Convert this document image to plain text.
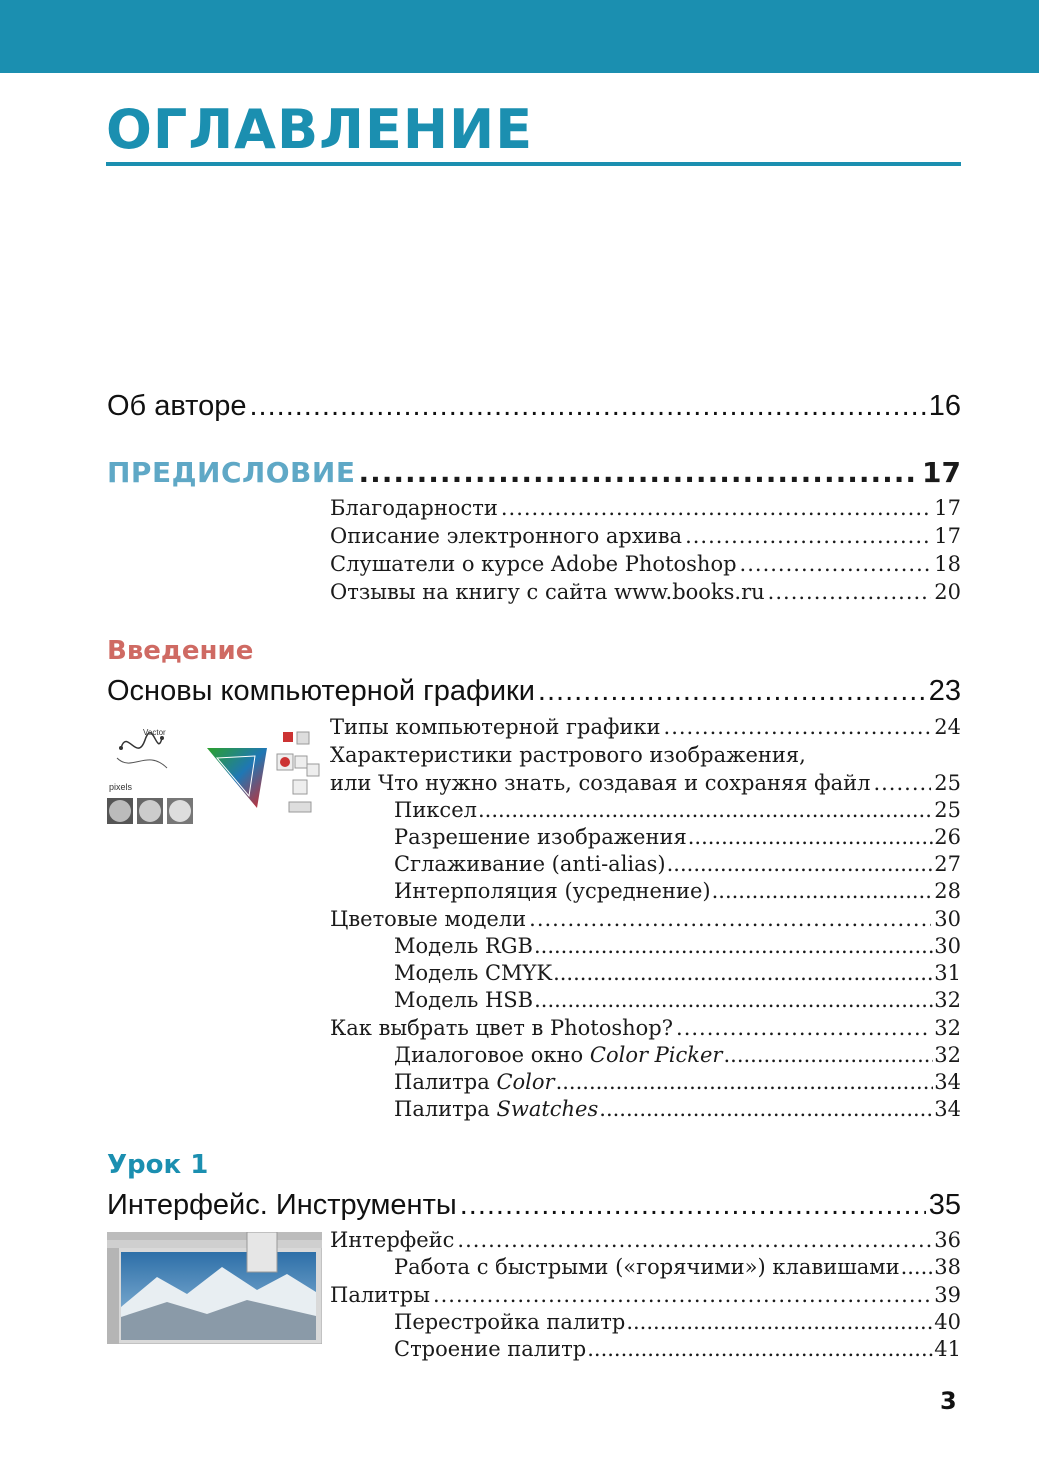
ОГЛАВЛЕНИЕ
Об авторе .....	16
ПРЕДИСЛОВИЕ .....	17
Благодарности .....	17
Описание электронного архива .....	17
Слушатели о курсе Adobe Photoshop .....	18
Отзывы на книгу с сайта www.books.ru .....	20
Введение
Основы компьютерной графики .....	23
Vector
pixels
Типы компьютерной графики .....	24
Характеристики растрового изображения,
или Что нужно знать, создавая и сохраняя файл .....	25
Пиксел .....	25
Разрешение изображения .....	26
Сглаживание (anti-alias) .....	27
Интерполяция (усреднение) .....	28
Цветовые модели .....	30
Модель RGB .....	30
Модель CMYK .....	31
Модель HSB .....	32
Как выбрать цвет в Photoshop? .....	32
Диалоговое окно Color Picker .....	32
Палитра Color .....	34
Палитра Swatches .....	34
Урок 1
Интерфейс. Инструменты .....	35
Интерфейс .....	36
Работа с быстрыми («горячими») клавишами ..... 38
Палитры .....	39
Перестройка палитр .....	40
Строение палитр .....	41
3
